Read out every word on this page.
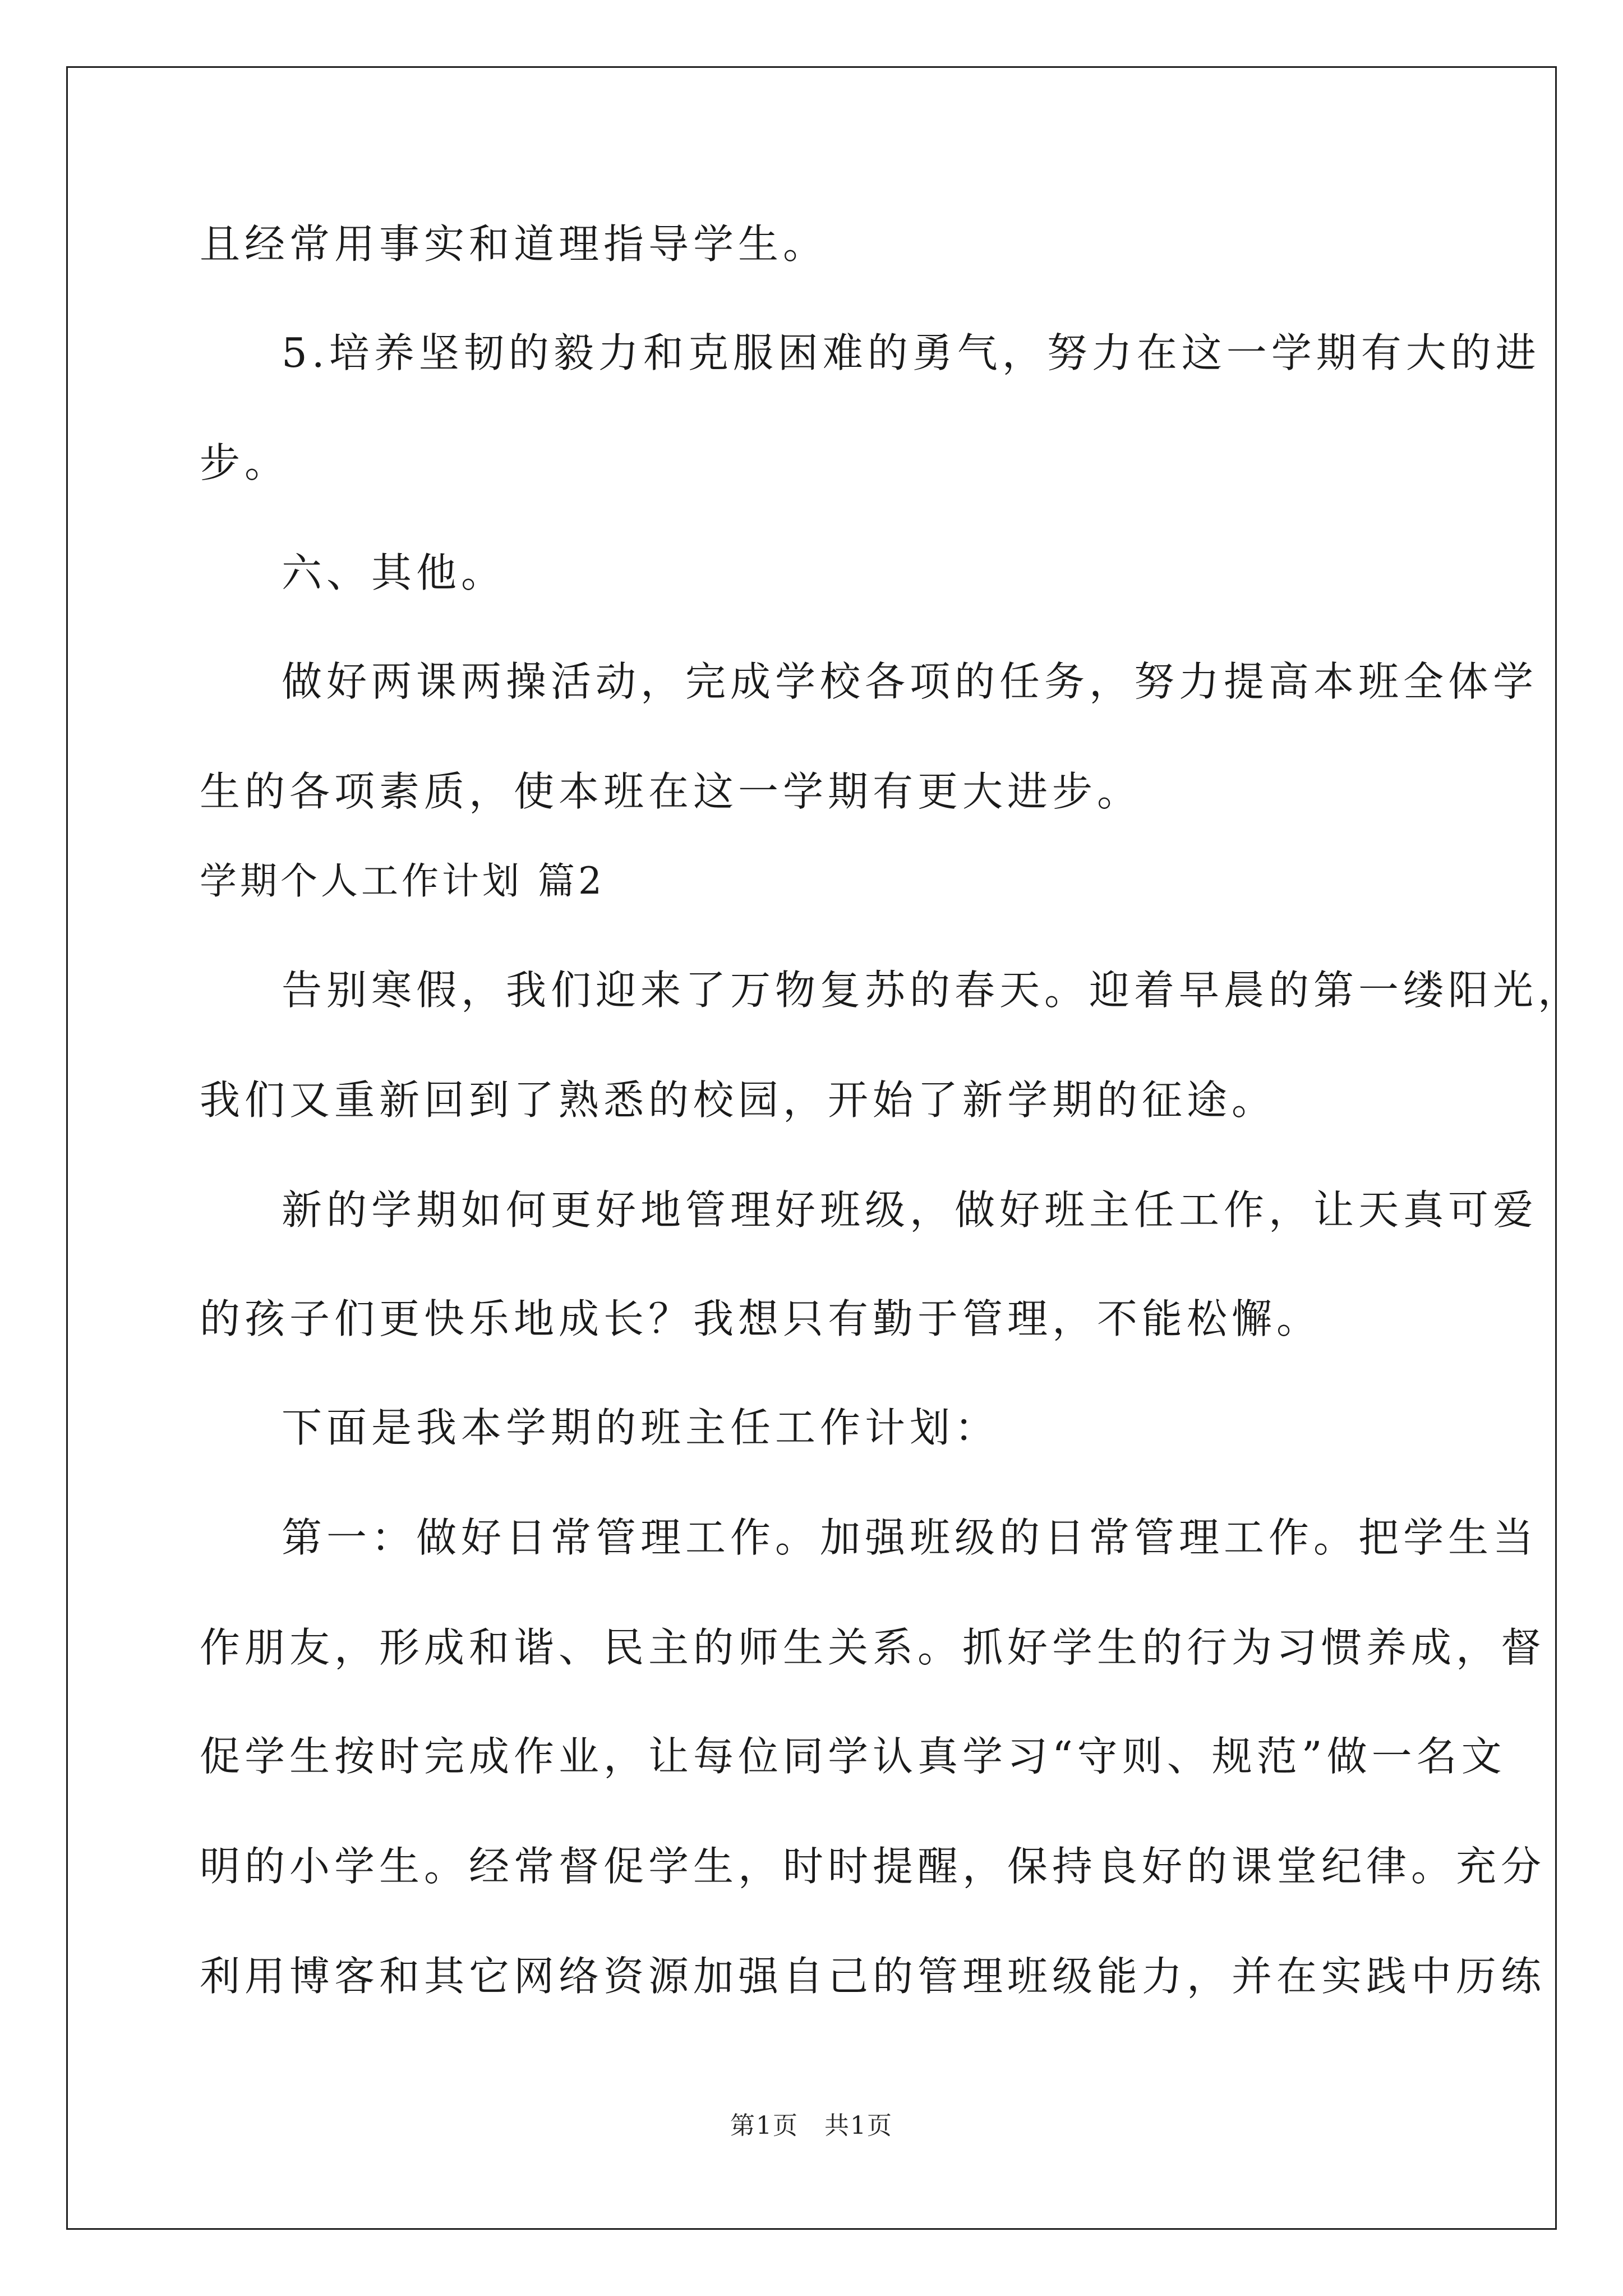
且经常用事实和道理指导学生。
5.培养坚韧的毅力和克服困难的勇气，努力在这一学期有大的进
步。
六、其他。
做好两课两操活动，完成学校各项的任务，努力提高本班全体学
生的各项素质，使本班在这一学期有更大进步。
学期个人工作计划 篇2
告别寒假，我们迎来了万物复苏的春天。迎着早晨的第一缕阳光，
我们又重新回到了熟悉的校园，开始了新学期的征途。
新的学期如何更好地管理好班级，做好班主任工作，让天真可爱
的孩子们更快乐地成长？我想只有勤于管理，不能松懈。
下面是我本学期的班主任工作计划：
第一：做好日常管理工作。加强班级的日常管理工作。把学生当
作朋友，形成和谐、民主的师生关系。抓好学生的行为习惯养成，督
促学生按时完成作业，让每位同学认真学习“守则、规范”做一名文
明的小学生。经常督促学生，时时提醒，保持良好的课堂纪律。充分
利用博客和其它网络资源加强自己的管理班级能力，并在实践中历练
第1页　共1页
